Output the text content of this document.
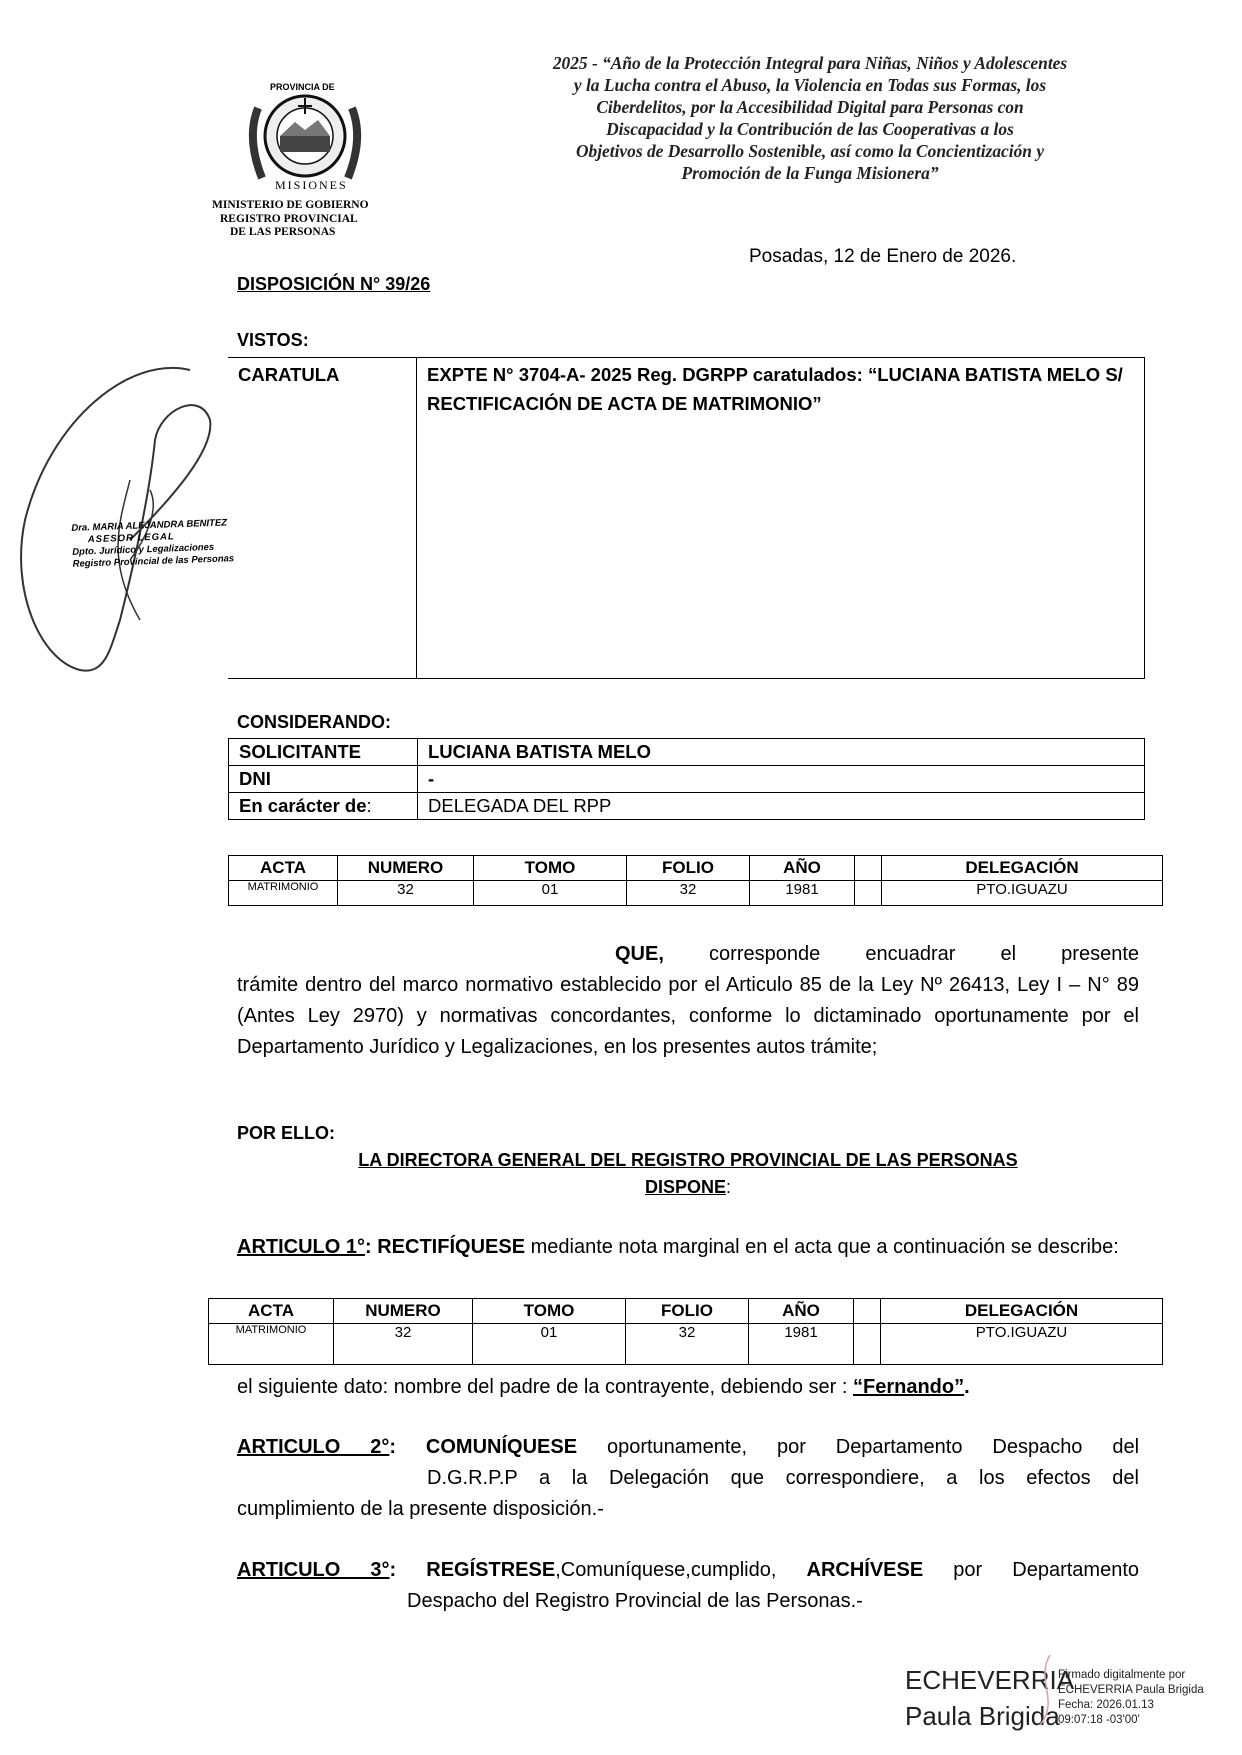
PROVINCIA DE
MISIONES
MINISTERIO DE GOBIERNO
REGISTRO PROVINCIAL
DE LAS PERSONAS
2025 - “Año de la Protección Integral para Niñas, Niños y Adolescentes
y la Lucha contra el Abuso, la Violencia en Todas sus Formas, los
Ciberdelitos, por la Accesibilidad Digital para Personas con
Discapacidad y la Contribución de las Cooperativas a los
Objetivos de Desarrollo Sostenible, así como la Concientización y
Promoción de la Funga Misionera”
Posadas, 12 de Enero de 2026.
DISPOSICIÓN N° 39/26
VISTOS:
Dra. MARIA ALEJANDRA BENITEZ
ASESOR LEGAL
Dpto. Jurídico y Legalizaciones
Registro Provincial de las Personas
CARATULA	EXPTE N° 3704-A- 2025 Reg. DGRPP caratulados: “LUCIANA BATISTA MELO S/ RECTIFICACIÓN DE ACTA DE MATRIMONIO”
CONSIDERANDO:
SOLICITANTE	LUCIANA BATISTA MELO
DNI	-
En carácter de:	DELEGADA DEL RPP
ACTA	NUMERO	TOMO	FOLIO	AÑO		DELEGACIÓN
MATRIMONIO	32	01	32	1981		PTO.IGUAZU
QUE, corresponde encuadrar el presente
trámite dentro del marco normativo establecido por el Articulo 85 de la Ley Nº 26413, Ley I – N° 89 (Antes Ley 2970) y normativas concordantes, conforme lo dictaminado oportunamente por el Departamento Jurídico y Legalizaciones, en los presentes autos trámite;
POR ELLO:
LA DIRECTORA GENERAL DEL REGISTRO PROVINCIAL DE LAS PERSONAS
DISPONE:
ARTICULO 1°: RECTIFÍQUESE mediante nota marginal en el acta que a continuación se describe:
ACTA	NUMERO	TOMO	FOLIO	AÑO		DELEGACIÓN
MATRIMONIO	32	01	32	1981		PTO.IGUAZU
el siguiente dato: nombre del padre de la contrayente, debiendo ser : “Fernando”.
ARTICULO 2°: COMUNÍQUESE oportunamente, por Departamento Despacho del
D.G.R.P.P a la Delegación que correspondiere, a los efectos del
cumplimiento de la presente disposición.-
ARTICULO 3°: REGÍSTRESE,Comuníquese,cumplido, ARCHÍVESE por Departamento
Despacho del Registro Provincial de las Personas.-
ECHEVERRIA
Paula Brigida
Firmado digitalmente por
ECHEVERRIA Paula Brigida
Fecha: 2026.01.13
09:07:18 -03'00'
